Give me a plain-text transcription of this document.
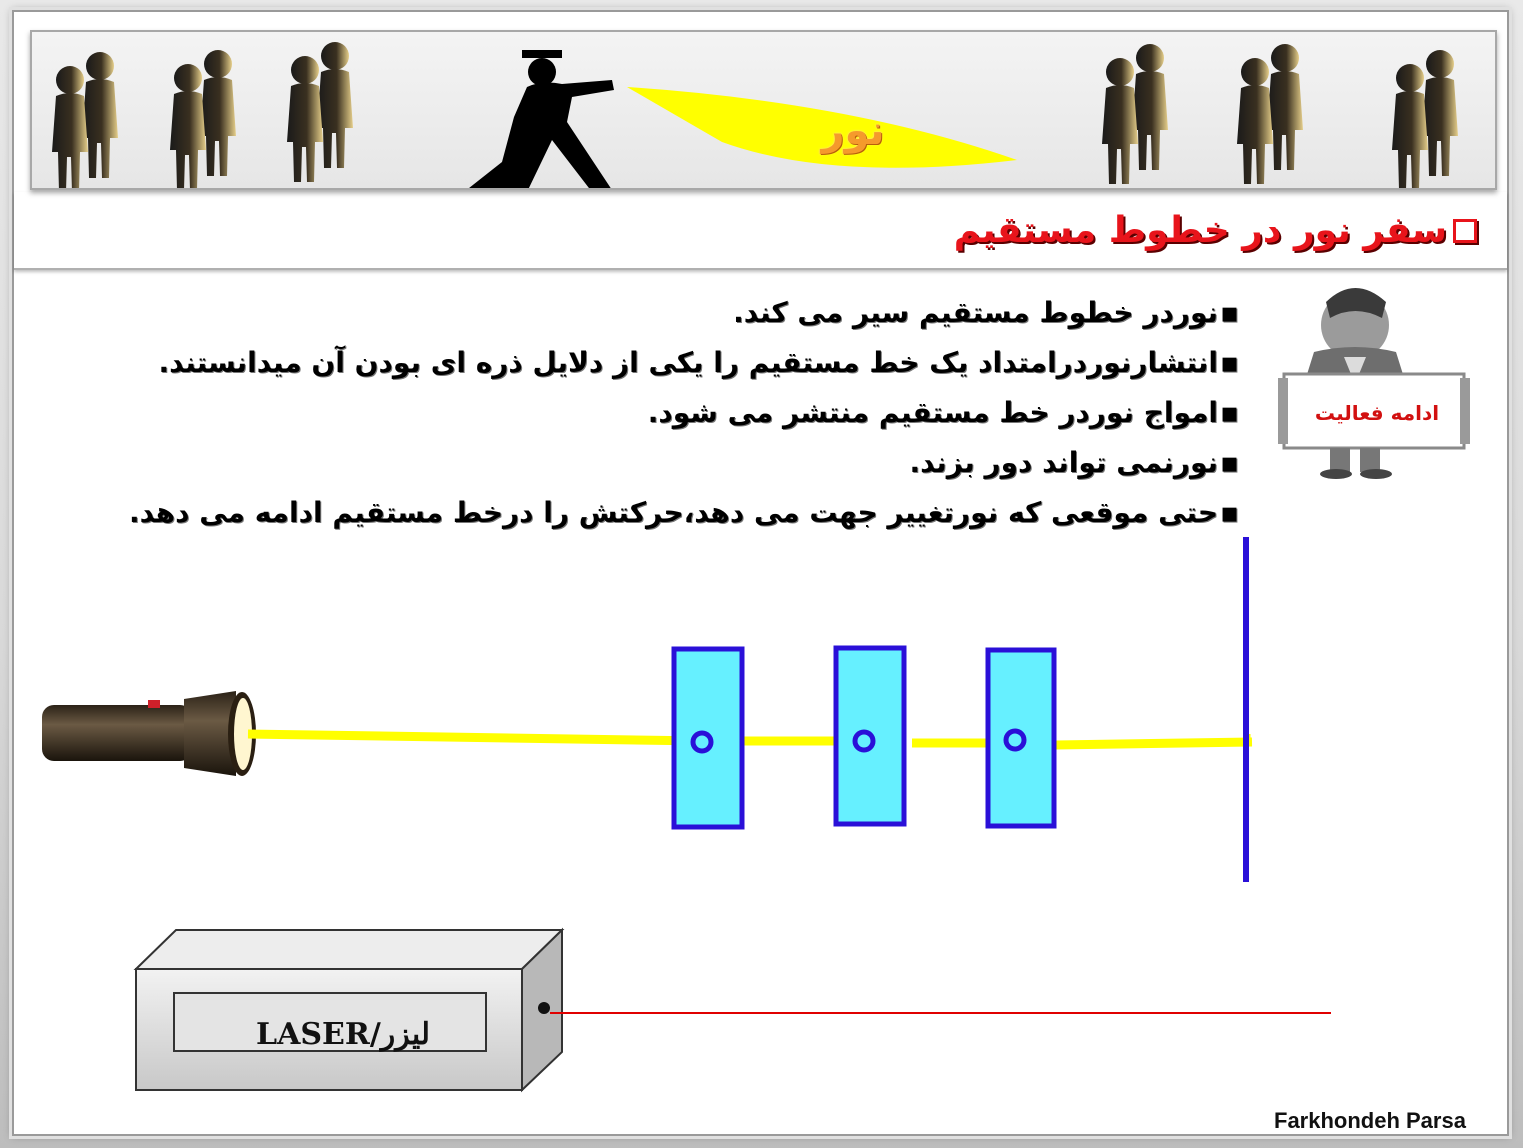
نور
سفر نور در خطوط مستقیم
▪ نوردر خطوط مستقیم سیر می کند.
▪ انتشارنوردرامتداد یک خط مستقیم را یکی از دلایل ذره ای بودن آن میدانستند.
▪ امواج نوردر خط مستقیم منتشر می شود.
▪ نورنمی تواند دور بزند.
▪ حتی موقعی که نورتغییر جهت می دهد،حرکتش را درخط مستقیم ادامه می دهد.
ادامه فعالیت
LASER/لیزر
Farkhondeh Parsa
